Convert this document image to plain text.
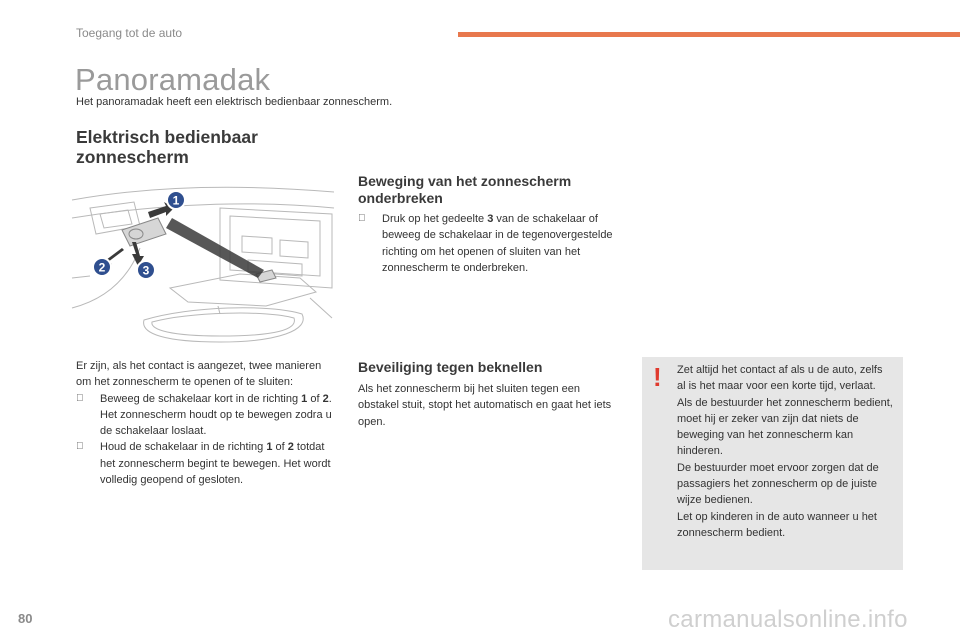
Toegang tot de auto
Panoramadak
Het panoramadak heeft een elektrisch bedienbaar zonnescherm.
Elektrisch bedienbaar zonnescherm
1
2	3

Er zijn, als het contact is aangezet, twee manieren om het zonnescherm te openen of te sluiten:

Beweeg de schakelaar kort in de richting 1 of 2. Het zonnescherm houdt op te bewegen zodra u de schakelaar loslaat.
Houd de schakelaar in de richting 1 of 2 totdat het zonnescherm begint te bewegen. Het wordt volledig geopend of gesloten.
Beweging van het zonnescherm onderbreken
Druk op het gedeelte 3 van de schakelaar of beweeg de schakelaar in de tegenovergestelde richting om het openen of sluiten van het zonnescherm te onderbreken.
Beveiliging tegen beknellen

Als het zonnescherm bij het sluiten tegen een obstakel stuit, stopt het automatisch en gaat het iets open.

! Zet altijd het contact af als u de auto, zelfs al is het maar voor een korte tijd, verlaat.

Als de bestuurder het zonnescherm bedient, moet hij er zeker van zijn dat niets de beweging van het zonnescherm kan hinderen.

De bestuurder moet ervoor zorgen dat de passagiers het zonnescherm op de juiste wijze bedienen.

Let op kinderen in de auto wanneer u het zonnescherm bedient.

80	carmanualsonline.info
